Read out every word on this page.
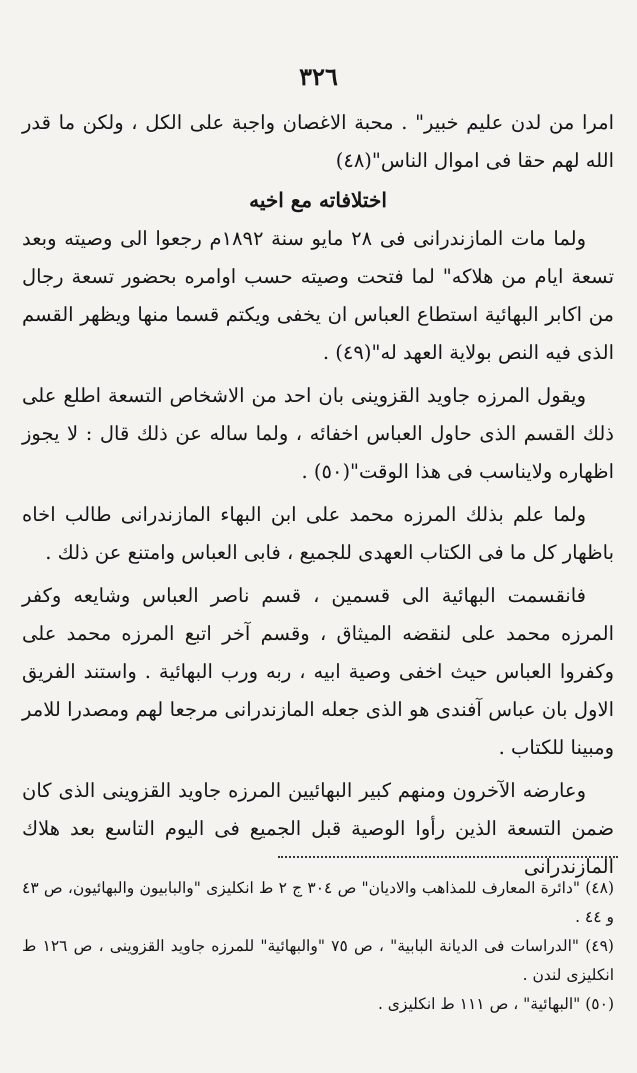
٣٢٦

امرا من لدن عليم خبير" . محبة الاغصان واجبة على الكل ، ولكن ما قدر الله لهم حقا فى اموال الناس"(٤٨)

اختلافاته مع اخيه

ولما مات المازندرانى فى ٢٨ مايو سنة ١٨٩٢م رجعوا الى وصيته وبعد تسعة ايام من هلاكه" لما فتحت وصيته حسب اوامره بحضور تسعة رجال من اكابر البهائية استطاع العباس ان يخفى ويكتم قسما منها ويظهر القسم الذى فيه النص بولاية العهد له"(٤٩) .

ويقول المرزه جاويد القزوينى بان احد من الاشخاص التسعة اطلع على ذلك القسم الذى حاول العباس اخفائه ، ولما ساله عن ذلك قال : لا يجوز اظهاره ولايناسب فى هذا الوقت"(٥٠) .

ولما علم بذلك المرزه محمد على ابن البهاء المازندرانى طالب اخاه باظهار كل ما فى الكتاب العهدى للجميع ، فابى العباس وامتنع عن ذلك .

فانقسمت البهائية الى قسمين ، قسم ناصر العباس وشايعه وكفر المرزه محمد على لنقضه الميثاق ، وقسم آخر اتبع المرزه محمد على وكفروا العباس حيث اخفى وصية ابيه ، ربه ورب البهائية . واستند الفريق الاول بان عباس آفندى هو الذى جعله المازندرانى مرجعا لهم ومصدرا للامر ومبينا للكتاب .

وعارضه الآخرون ومنهم كبير البهائيين المرزه جاويد القزوينى الذى كان ضمن التسعة الذين رأوا الوصية قبل الجميع فى اليوم التاسع بعد هلاك المازندرانى

(٤٨) "دائرة المعارف للمذاهب والاديان" ص ٣٠٤ ج ٢ ط انكليزى "والبابيون والبهائيون، ص ٤٣ و ٤٤ .

(٤٩) "الدراسات فى الديانة البابية" ، ص ٧٥ "والبهائية" للمرزه جاويد القزوينى ، ص ١٢٦ ط انكليزى لندن .

(٥٠) "البهائية" ، ص ١١١ ط انكليزى .
